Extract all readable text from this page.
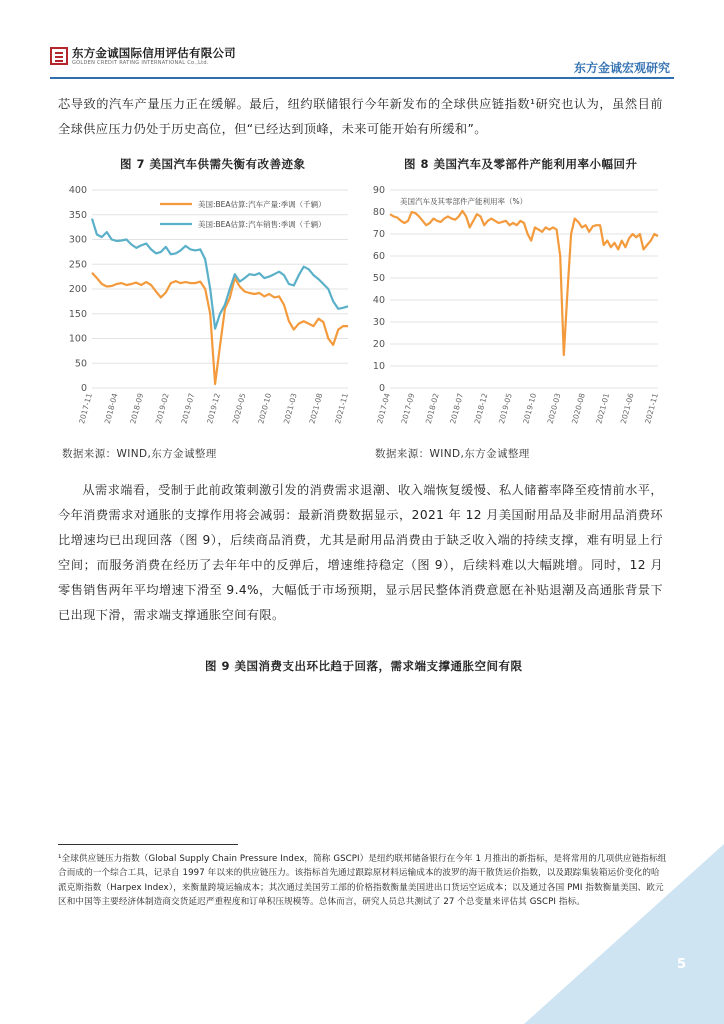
东方金诚国际信用评估有限公司
GOLDEN CREDIT RATING INTERNATIONAL Co.,Ltd.	东方金诚宏观研究
芯导致的汽车产量压力正在缓解。最后，纽约联储银行今年新发布的全球供应链指数¹研究也认为，虽然目前全球供应压力仍处于历史高位，但“已经达到顶峰，未来可能开始有所缓和”。
图 7 美国汽车供需失衡有改善迹象	图 8 美国汽车及零部件产能利用率小幅回升
0
50
100
150
200
250
300
350
400
2017-11 2018-04 2018-09 2019-02 2019-07 2019-12 2020-05 2020-10 2021-03 2021-08 2021-11
美国:BEA估算:汽车产量:季调（千辆）
美国:BEA估算:汽车销售:季调（千辆）
0
10
20
30
40
50
60
70
80
90
2017-04 2017-09 2018-02 2018-07 2018-12 2019-05 2019-10 2020-03 2020-08 2021-01 2021-06 2021-11
美国汽车及其零部件产能利用率（%）
数据来源：WIND,东方金诚整理	数据来源：WIND,东方金诚整理
从需求端看，受制于此前政策刺激引发的消费需求退潮、收入端恢复缓慢、私人储蓄率降至疫情前水平，今年消费需求对通胀的支撑作用将会减弱：最新消费数据显示，2021 年 12 月美国耐用品及非耐用品消费环比增速均已出现回落（图 9），后续商品消费，尤其是耐用品消费由于缺乏收入端的持续支撑，难有明显上行空间；而服务消费在经历了去年年中的反弹后，增速维持稳定（图 9），后续料难以大幅跳增。同时，12 月零售销售两年平均增速下滑至 9.4%，大幅低于市场预期，显示居民整体消费意愿在补贴退潮及高通胀背景下已出现下滑，需求端支撑通胀空间有限。
图 9 美国消费支出环比趋于回落，需求端支撑通胀空间有限
¹全球供应链压力指数（Global Supply Chain Pressure Index，简称 GSCPI）是纽约联邦储备银行在今年 1 月推出的新指标，是将常用的几项供应链指标组合而成的一个综合工具，记录自 1997 年以来的供应链压力。该指标首先通过跟踪原材料运输成本的波罗的海干散货运价指数，以及跟踪集装箱运价变化的哈派克斯指数（Harpex Index），来衡量跨境运输成本；其次通过美国劳工部的价格指数衡量美国进出口货运空运成本；以及通过各国 PMI 指数衡量美国、欧元区和中国等主要经济体制造商交货延迟严重程度和订单积压规模等。总体而言，研究人员总共测试了 27 个总变量来评估其 GSCPI 指标。
5
